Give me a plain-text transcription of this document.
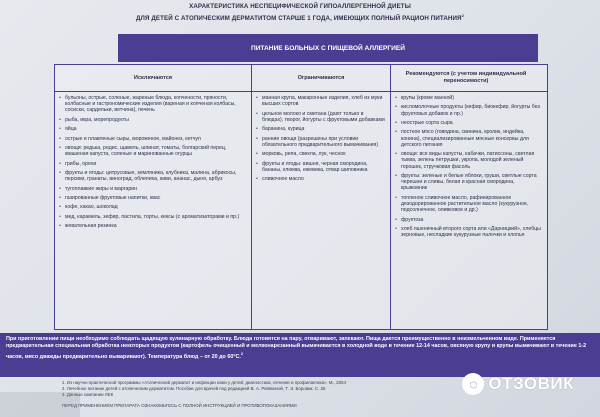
ХАРАКТЕРИСТИКА НЕСПЕЦИФИЧЕСКОЙ ГИПОАЛЛЕРГЕННОЙ ДИЕТЫ
ДЛЯ ДЕТЕЙ С АТОПИЧЕСКИМ ДЕРМАТИТОМ СТАРШЕ 1 ГОДА, ИМЕЮЩИХ ПОЛНЫЙ РАЦИОН ПИТАНИЯ$^2$
ПИТАНИЕ БОЛЬНЫХ С ПИЩЕВОЙ АЛЛЕРГИЕЙ
Исключаются	Ограничиваются
Рекомендуются (с учетом индивидуальной переносимости)
• бульоны, острые, соленые, жареные блюда, копчености, пряности, колбасные и гастрономические изделия (вареная и копченая колбасы, сосиски, сардельки, ветчина), печень
• рыба, икра, морепродукты
• яйца
• острые и плавленые сыры, мороженое, майонез, кетчуп
• овощи: редька, редис, щавель, шпинат, томаты, болгарский перец, квашеная капуста, соленые и маринованные огурцы
• грибы, орехи
• фрукты и ягоды: цитрусовые, земляника, клубника, малина, абрикосы, персики, гранаты, виноград, облепиха, киви, ананас, дыня, арбуз
• тугоплавкие жиры и маргарин
• газированные фруктовые напитки, квас
• кофе, какао, шоколад
• мед, карамель, зефир, пастила, торты, кексы (с ароматизаторами и пр.)
• жевательная резинка
• манная крупа, макаронные изделия, хлеб из муки высших сортов
• цельное молоко и сметана (дают только в блюдах), творог, йогурты с фруктовыми добавками
• баранина, курица
• ранние овощи (разрешены при условии обязательного предварительного вымачивания)
• морковь, репа, свекла, лук, чеснок
• фрукты и ягоды: вишня, черная смородина, бананы, клюква, ежевика, отвар шиповника
• сливочное масло
• крупы (кроме манной)
• кисломолочные продукты (кефир, биокефир, йогурты без фруктовых добавок и пр.)
• неострые сорта сыра
• постное мясо (говядина, свинина, кролик, индейка, конина), специализированные мясные консервы для детского питания
• овощи: все виды капусты, кабачки, патиссоны, светлая тыква, зелень петрушки, укропа, молодой зеленый горошек, стручковая фасоль
• фрукты: зеленые и белые яблоки, груши, светлые сорта черешни и сливы, белая и красная смородина, крыжовник
• топленое сливочное масло, рафинированное дезодорированное растительное масло (кукурузное, подсолнечное, оливковое и др.)
• фруктоза
• хлеб пшеничный второго сорта или «Дарницкий», хлебцы зерновые, несладкие кукурузные палочки и хлопья
При приготовлении пищи необходимо соблюдать щадящую кулинарную обработку. Блюда готовятся на пару, отваривают, запекают. Пища дается преимущественно в неизмельченном виде. Применяется предварительная специальная обработка некоторых продуктов (картофель очищенный и мелконарезанный вымачивается в холодной воде в течение 12-14 часов, овсяную крупу и крупы вымачивают в течение 1-2 часов, мясо дважды предварительно вываривают). Температура блюд – от 20 до 60°С.$^2$
1. Из научно-практической программы «Атопический дерматит и инфекции кожи у детей: диагностика, лечение и профилактика». М., 2004
2. Лечебное питание детей с атопическим дерматитом. Пособие для врачей под редакцией В. А. Ревякиной, Т. Э. Боровик. С. 25
3. Данные компании ЛЕК
ПЕРЕД ПРИМЕНЕНИЕМ ПРЕПАРАТА ОЗНАКОМЬТЕСЬ С ПОЛНОЙ ИНСТРУКЦИЕЙ И ПРОТИВОПОКАЗАНИЯМИ
◌ ОТЗОВИК
